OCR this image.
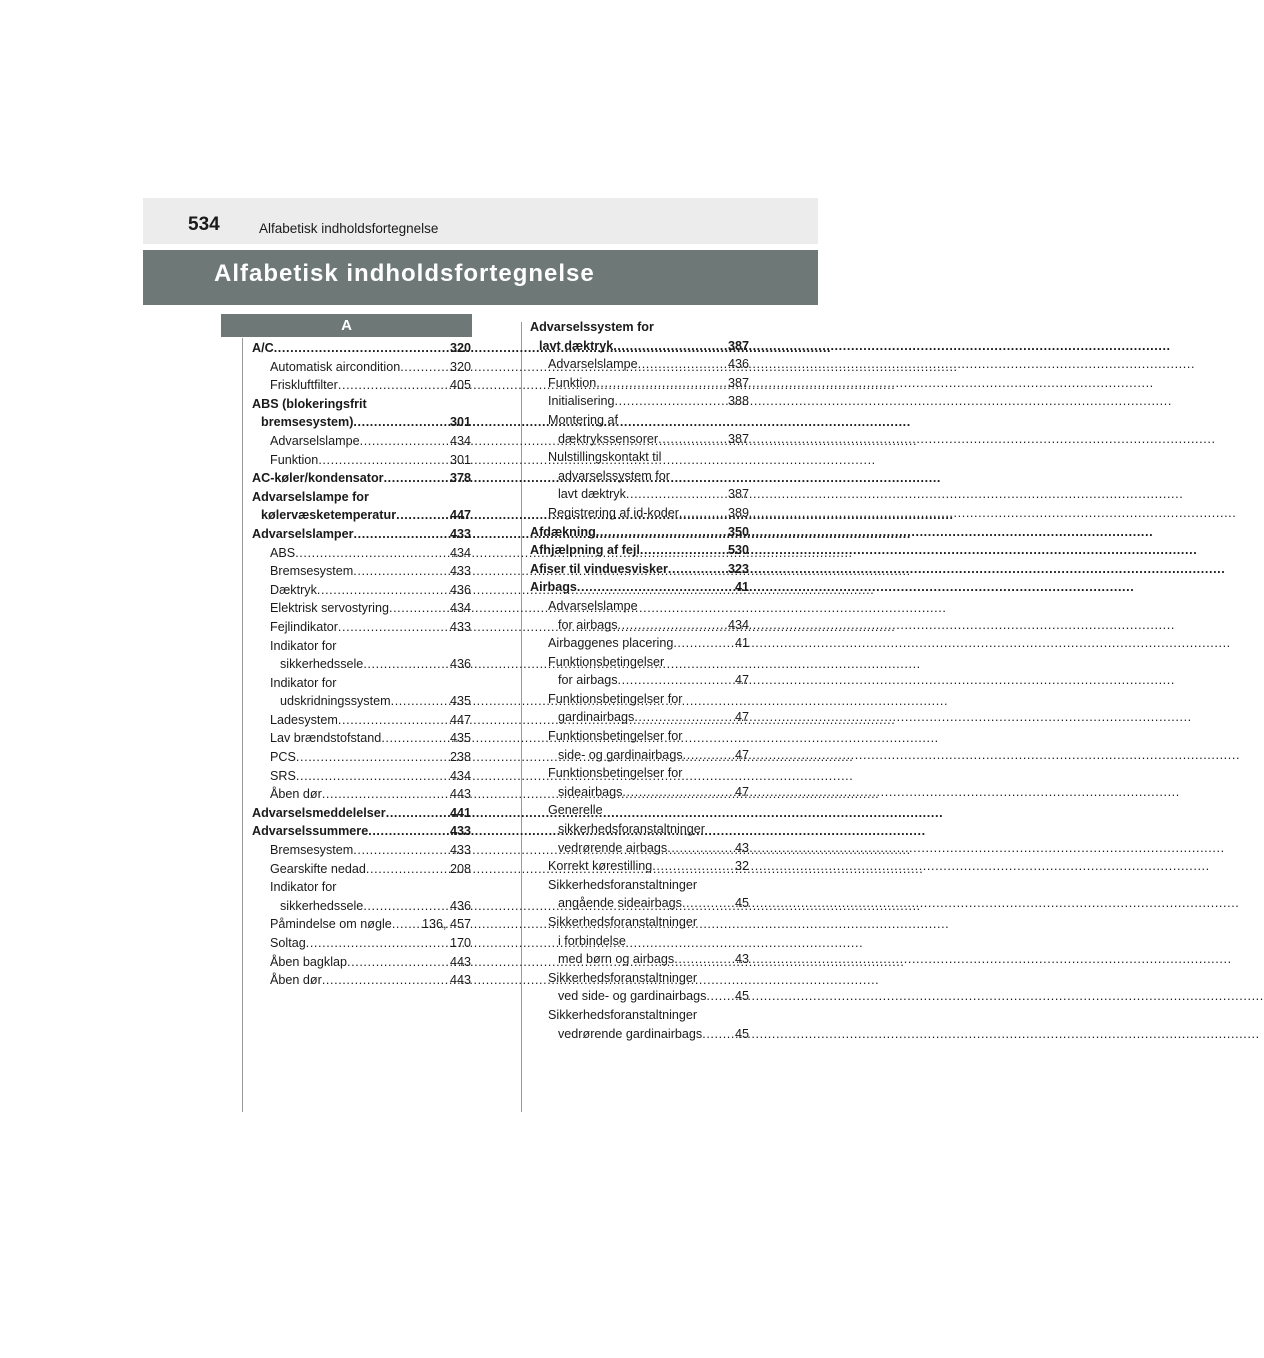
534	Alfabetisk indholdsfortegnelse
Alfabetisk indholdsfortegnelse
A
A/C .....	320
Automatisk aircondition .....	320
Friskluftfilter .....	405
ABS (blokeringsfrit
bremsesystem) .....	301
Advarselslampe .....	434
Funktion .....	301
AC-køler/kondensator .....	378
Advarselslampe for
kølervæsketemperatur .....	447
Advarselslamper .....	433
ABS .....	434
Bremsesystem .....	433
Dæktryk .....	436
Elektrisk servostyring .....	434
Fejlindikator .....	433
Indikator for
sikkerhedssele .....	436
Indikator for
udskridningssystem .....	435
Ladesystem .....	447
Lav brændstofstand .....	435
PCS .....	238
SRS .....	434
Åben dør .....	443
Advarselsmeddelelser .....	441
Advarselssummere .....	433
Bremsesystem .....	433
Gearskifte nedad .....	208
Indikator for
sikkerhedssele .....	436
Påmindelse om nøgle ..... 136, 457
Soltag .....	170
Åben bagklap .....	443
Åben dør .....	443
Advarselssystem for
lavt dæktryk .....	387
Advarselslampe .....	436
Funktion .....	387
Initialisering .....	388
Montering af
dæktrykssensorer .....	387
Nulstillingskontakt til
advarselssystem for
lavt dæktryk .....	387
Registrering af id-koder .....	389
Afdækning .....	350
Afhjælpning af fejl .....	530
Afiser til vinduesvisker .....	323
Airbags .....	41
Advarselslampe
for airbags .....	434
Airbaggenes placering .....	41
Funktionsbetingelser
for airbags .....	47
Funktionsbetingelser for
gardinairbags .....	47
Funktionsbetingelser for
side- og gardinairbags .....	47
Funktionsbetingelser for
sideairbags .....	47
Generelle
sikkerhedsforanstaltninger
vedrørende airbags .....	43
Korrekt kørestilling .....	32
Sikkerhedsforanstaltninger
angående sideairbags .....	45
Sikkerhedsforanstaltninger
i forbindelse
med børn og airbags .....	43
Sikkerhedsforanstaltninger
ved side- og gardinairbags ..... 45
Sikkerhedsforanstaltninger
vedrørende gardinairbags .....	45
